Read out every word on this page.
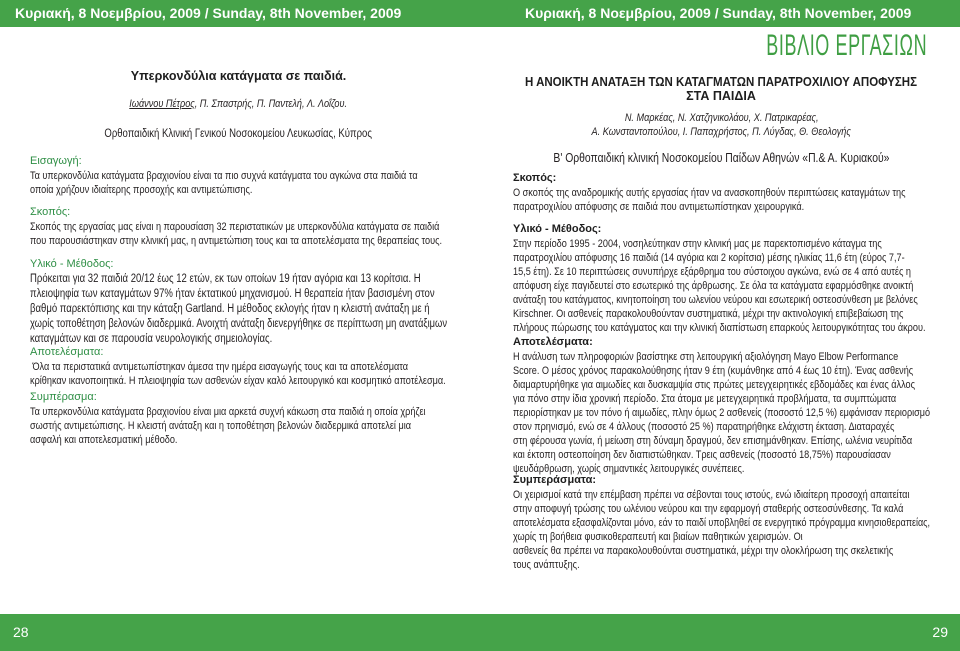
Κυριακή, 8 Νοεμβρίου, 2009 / Sunday, 8th November, 2009	Κυριακή, 8 Νοεμβρίου, 2009 / Sunday, 8th November, 2009
ΒΙΒΛΙΟ ΕΡΓΑΣΙΩΝ
28	29
Υπερκονδύλια κατάγματα σε παιδιά.
Ιωάννου Πέτρος, Π. Σπαστρής, Π. Παντελή, Λ. Λοΐζου.
Ορθοπαιδική Κλινική Γενικού Νοσοκομείου Λευκωσίας, Κύπρος
Εισαγωγή:
Τα υπερκονδύλια κατάγματα βραχιονίου είναι τα πιο συχνά κατάγματα του αγκώνα στα παιδιά τα
οποία χρήζουν ιδιαίτερης προσοχής και αντιμετώπισης.
Σκοπός:
Σκοπός της εργασίας μας είναι η παρουσίαση 32 περιστατικών με υπερκονδύλια κατάγματα σε παιδιά
που παρουσιάστηκαν στην κλινική μας, η αντιμετώπιση τους και τα αποτελέσματα της θεραπείας τους.
Υλικό - Μέθοδος:
Πρόκειται για 32 παιδιά 20/12 έως 12 ετών, εκ των οποίων 19 ήταν αγόρια και 13 κορίτσια. Η
πλειοψηφία των καταγμάτων 97% ήταν έκτατικού μηχανισμού. Η θεραπεία ήταν βασισμένη στον
βαθμό παρεκτόπισης και την κάταξη Gartland. Η μέθοδος εκλογής ήταν η κλειστή ανάταξη με ή
χωρίς τοποθέτηση βελονών διαδερμικά. Ανοιχτή ανάταξη διενεργήθηκε σε περίπτωση μη ανατάξιμων
καταγμάτων και σε παρουσία νευρολογικής σημειολογίας.
Αποτελέσματα:
Όλα τα περιστατικά αντιμετωπίστηκαν άμεσα την ημέρα εισαγωγής τους και τα αποτελέσματα
κρίθηκαν ικανοποιητικά. Η πλειοψηφία των ασθενών είχαν καλό λειτουργικό και κοσμητικό αποτέλεσμα.
Συμπέρασμα:
Τα υπερκονδύλια κατάγματα βραχιονίου είναι μια αρκετά συχνή κάκωση στα παιδιά η οποία χρήζει
σωστής αντιμετώπισης. Η κλειστή ανάταξη και η τοποθέτηση βελονών διαδερμικά αποτελεί μια
ασφαλή και αποτελεσματική μέθοδο.
Η ΑΝΟΙΚΤΗ ΑΝΑΤΑΞΗ ΤΩΝ ΚΑΤΑΓΜΑΤΩΝ ΠΑΡΑΤΡΟΧΙΛΙΟΥ ΑΠΟΦΥΣΗΣ
ΣΤΑ ΠΑΙΔΙΑ
Ν. Μαρκέας, Ν. Χατζηνικολάου, Χ. Πατρικαρέας,
Α. Κωνσταντοπούλου, Ι. Παπαχρήστος, Π. Λύγδας, Θ. Θεολογής
Β' Ορθοπαιδική κλινική Νοσοκομείου Παίδων Αθηνών «Π.& Α. Κυριακού»
Σκοπός:
Ο σκοπός της αναδρομικής αυτής εργασίας ήταν να ανασκοπηθούν περιπτώσεις καταγμάτων της
παρατροχιλίου απόφυσης σε παιδιά που αντιμετωπίστηκαν χειρουργικά.
Υλικό - Μέθοδος:
Στην περίοδο 1995 - 2004, νοσηλεύτηκαν στην κλινική μας με παρεκτοπισμένο κάταγμα της
παρατροχιλίου απόφυσης 16 παιδιά (14 αγόρια και 2 κορίτσια) μέσης ηλικίας 11,6 έτη (εύρος 7,7-
15,5 έτη). Σε 10 περιπτώσεις συνυπήρχε εξάρθρημα του σύστοιχου αγκώνα, ενώ σε 4 από αυτές η
απόφυση είχε παγιδευτεί στο εσωτερικό της άρθρωσης. Σε όλα τα κατάγματα εφαρμόσθηκε ανοικτή
ανάταξη του κατάγματος, κινητοποίηση του ωλενίου νεύρου και εσωτερική οστεοσύνθεση με βελόνες
Kirschner. Οι ασθενείς παρακολουθούνταν συστηματικά, μέχρι την ακτινολογική επιβεβαίωση της
πλήρους πώρωσης του κατάγματος και την κλινική διαπίστωση επαρκούς λειτουργικότητας του άκρου.
Αποτελέσματα:
Η ανάλυση των πληροφοριών βασίστηκε στη λειτουργική αξιολόγηση Mayo Elbow Performance
Score. Ο μέσος χρόνος παρακολούθησης ήταν 9 έτη (κυμάνθηκε από 4 έως 10 έτη). Ένας ασθενής
διαμαρτυρήθηκε για αιμωδίες και δυσκαμψία στις πρώτες μετεγχειρητικές εβδομάδες και ένας άλλος
για πόνο στην ίδια χρονική περίοδο. Στα άτομα με μετεγχειρητικά προβλήματα, τα συμπτώματα
περιορίστηκαν με τον πόνο ή αιμωδίες, πλην όμως 2 ασθενείς (ποσοστό 12,5 %) εμφάνισαν περιορισμό
στον πρηνισμό, ενώ σε 4 άλλους (ποσοστό 25 %) παρατηρήθηκε ελάχιστη έκταση. Διαταραχές
στη φέρουσα γωνία, ή μείωση στη δύναμη δραγμού, δεν επισημάνθηκαν. Επίσης, ωλένια νευρίτιδα
και έκτοπη οστεοποίηση δεν διαπιστώθηκαν. Τρεις ασθενείς (ποσοστό 18,75%) παρουσίασαν
ψευδάρθρωση, χωρίς σημαντικές λειτουργικές συνέπειες.
Συμπεράσματα:
Οι χειρισμοί κατά την επέμβαση πρέπει να σέβονται τους ιστούς, ενώ ιδιαίτερη προσοχή απαιτείται
στην αποφυγή τρώσης του ωλένιου νεύρου και την εφαρμογή σταθερής οστεοσύνθεσης. Τα καλά
αποτελέσματα εξασφαλίζονται μόνο, εάν το παιδί υποβληθεί σε ενεργητικό πρόγραμμα κινησιοθεραπείας,
χωρίς τη βοήθεια φυσικοθεραπευτή και βιαίων παθητικών χειρισμών. Οι
ασθενείς θα πρέπει να παρακολουθούνται συστηματικά, μέχρι την ολοκλήρωση της σκελετικής
τους ανάπτυξης.
